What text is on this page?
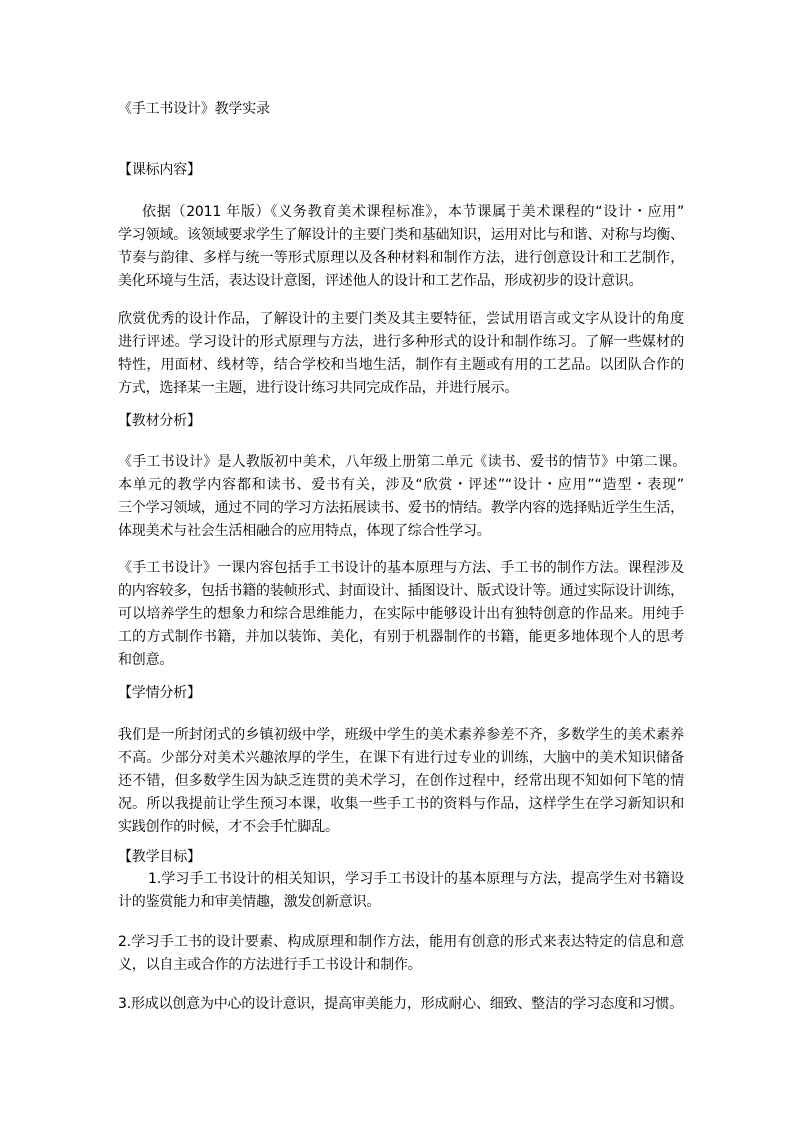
《手工书设计》教学实录
【课标内容】
依据（2011 年版）《义务教育美术课程标准》，本节课属于美术课程的“设计・应用”
学习领域。该领域要求学生了解设计的主要门类和基础知识，运用对比与和谐、对称与均衡、
节奏与韵律、多样与统一等形式原理以及各种材料和制作方法，进行创意设计和工艺制作，
美化环境与生活，表达设计意图，评述他人的设计和工艺作品，形成初步的设计意识。
欣赏优秀的设计作品，了解设计的主要门类及其主要特征，尝试用语言或文字从设计的角度
进行评述。学习设计的形式原理与方法，进行多种形式的设计和制作练习。了解一些媒材的
特性，用面材、线材等，结合学校和当地生活，制作有主题或有用的工艺品。以团队合作的
方式，选择某一主题，进行设计练习共同完成作品，并进行展示。
【教材分析】
《手工书设计》是人教版初中美术，八年级上册第二单元《读书、爱书的情节》中第二课。
本单元的教学内容都和读书、爱书有关，涉及“欣赏・评述”“设计・应用”“造型・表现”
三个学习领域，通过不同的学习方法拓展读书、爱书的情结。教学内容的选择贴近学生生活，
体现美术与社会生活相融合的应用特点，体现了综合性学习。
《手工书设计》一课内容包括手工书设计的基本原理与方法、手工书的制作方法。课程涉及
的内容较多，包括书籍的装帧形式、封面设计、插图设计、版式设计等。通过实际设计训练，
可以培养学生的想象力和综合思维能力，在实际中能够设计出有独特创意的作品来。用纯手
工的方式制作书籍，并加以装饰、美化，有别于机器制作的书籍，能更多地体现个人的思考
和创意。
【学情分析】
我们是一所封闭式的乡镇初级中学，班级中学生的美术素养参差不齐，多数学生的美术素养
不高。少部分对美术兴趣浓厚的学生，在课下有进行过专业的训练，大脑中的美术知识储备
还不错，但多数学生因为缺乏连贯的美术学习，在创作过程中，经常出现不知如何下笔的情
况。所以我提前让学生预习本课，收集一些手工书的资料与作品，这样学生在学习新知识和
实践创作的时候，才不会手忙脚乱。
【教学目标】
1.学习手工书设计的相关知识，学习手工书设计的基本原理与方法，提高学生对书籍设
计的鉴赏能力和审美情趣，激发创新意识。
2.学习手工书的设计要素、构成原理和制作方法，能用有创意的形式来表达特定的信息和意
义，以自主或合作的方法进行手工书设计和制作。
3.形成以创意为中心的设计意识，提高审美能力，形成耐心、细致、整洁的学习态度和习惯。
